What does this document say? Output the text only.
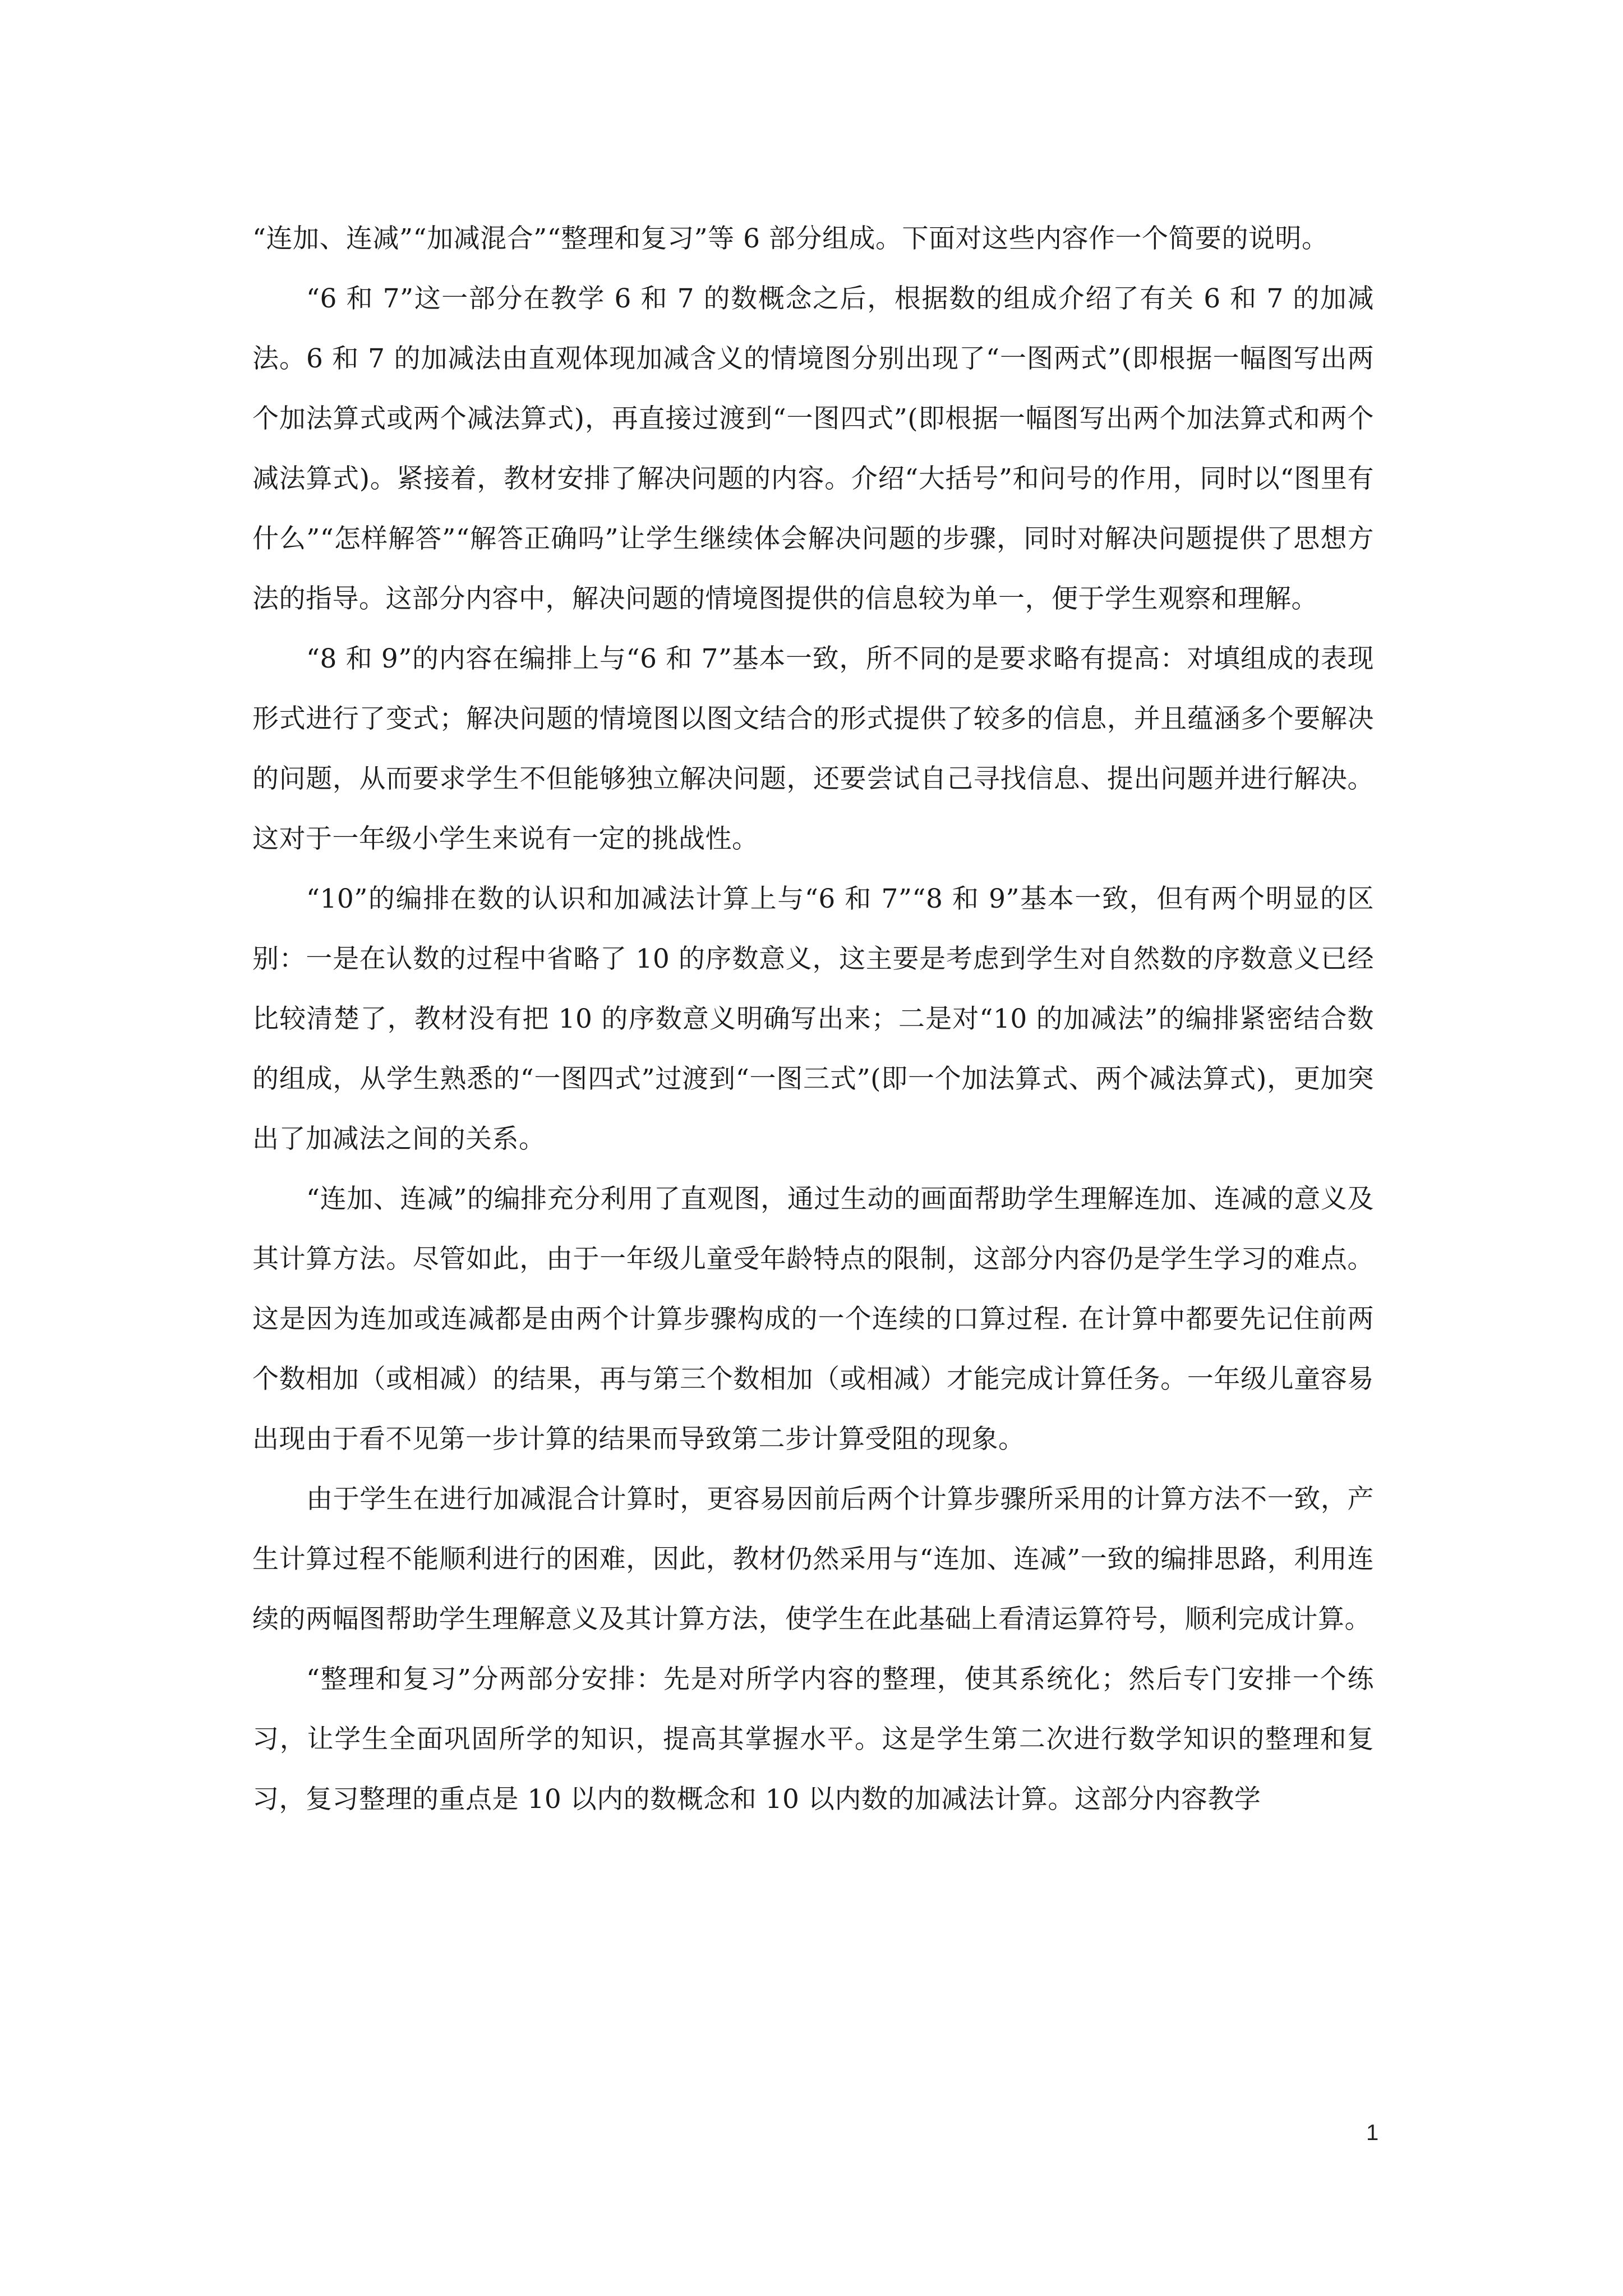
“连加、连减”“加减混合”“整理和复习”等 6 部分组成。下面对这些内容作一个简要的说明。

“6 和 7”这一部分在教学 6 和 7 的数概念之后，根据数的组成介绍了有关 6 和 7 的加减法。6 和 7 的加减法由直观体现加减含义的情境图分别出现了“一图两式”(即根据一幅图写出两个加法算式或两个减法算式)，再直接过渡到“一图四式”(即根据一幅图写出两个加法算式和两个减法算式)。紧接着，教材安排了解决问题的内容。介绍“大括号”和问号的作用，同时以“图里有什么”“怎样解答”“解答正确吗”让学生继续体会解决问题的步骤，同时对解决问题提供了思想方法的指导。这部分内容中，解决问题的情境图提供的信息较为单一，便于学生观察和理解。

“8 和 9”的内容在编排上与“6 和 7”基本一致，所不同的是要求略有提高：对填组成的表现形式进行了变式；解决问题的情境图以图文结合的形式提供了较多的信息，并且蕴涵多个要解决的问题，从而要求学生不但能够独立解决问题，还要尝试自己寻找信息、提出问题并进行解决。这对于一年级小学生来说有一定的挑战性。

“10”的编排在数的认识和加减法计算上与“6 和 7”“8 和 9”基本一致，但有两个明显的区别：一是在认数的过程中省略了 10 的序数意义，这主要是考虑到学生对自然数的序数意义已经比较清楚了，教材没有把 10 的序数意义明确写出来；二是对“10 的加减法”的编排紧密结合数的组成，从学生熟悉的“一图四式”过渡到“一图三式”(即一个加法算式、两个减法算式)，更加突出了加减法之间的关系。

“连加、连减”的编排充分利用了直观图，通过生动的画面帮助学生理解连加、连减的意义及其计算方法。尽管如此，由于一年级儿童受年龄特点的限制，这部分内容仍是学生学习的难点。这是因为连加或连减都是由两个计算步骤构成的一个连续的口算过程. 在计算中都要先记住前两个数相加（或相减）的结果，再与第三个数相加（或相减）才能完成计算任务。一年级儿童容易出现由于看不见第一步计算的结果而导致第二步计算受阻的现象。

由于学生在进行加减混合计算时，更容易因前后两个计算步骤所采用的计算方法不一致，产生计算过程不能顺利进行的困难，因此，教材仍然采用与“连加、连减”一致的编排思路，利用连续的两幅图帮助学生理解意义及其计算方法，使学生在此基础上看清运算符号，顺利完成计算。

“整理和复习”分两部分安排：先是对所学内容的整理，使其系统化；然后专门安排一个练习，让学生全面巩固所学的知识，提高其掌握水平。这是学生第二次进行数学知识的整理和复习，复习整理的重点是 10 以内的数概念和 10 以内数的加减法计算。这部分内容教学

1
